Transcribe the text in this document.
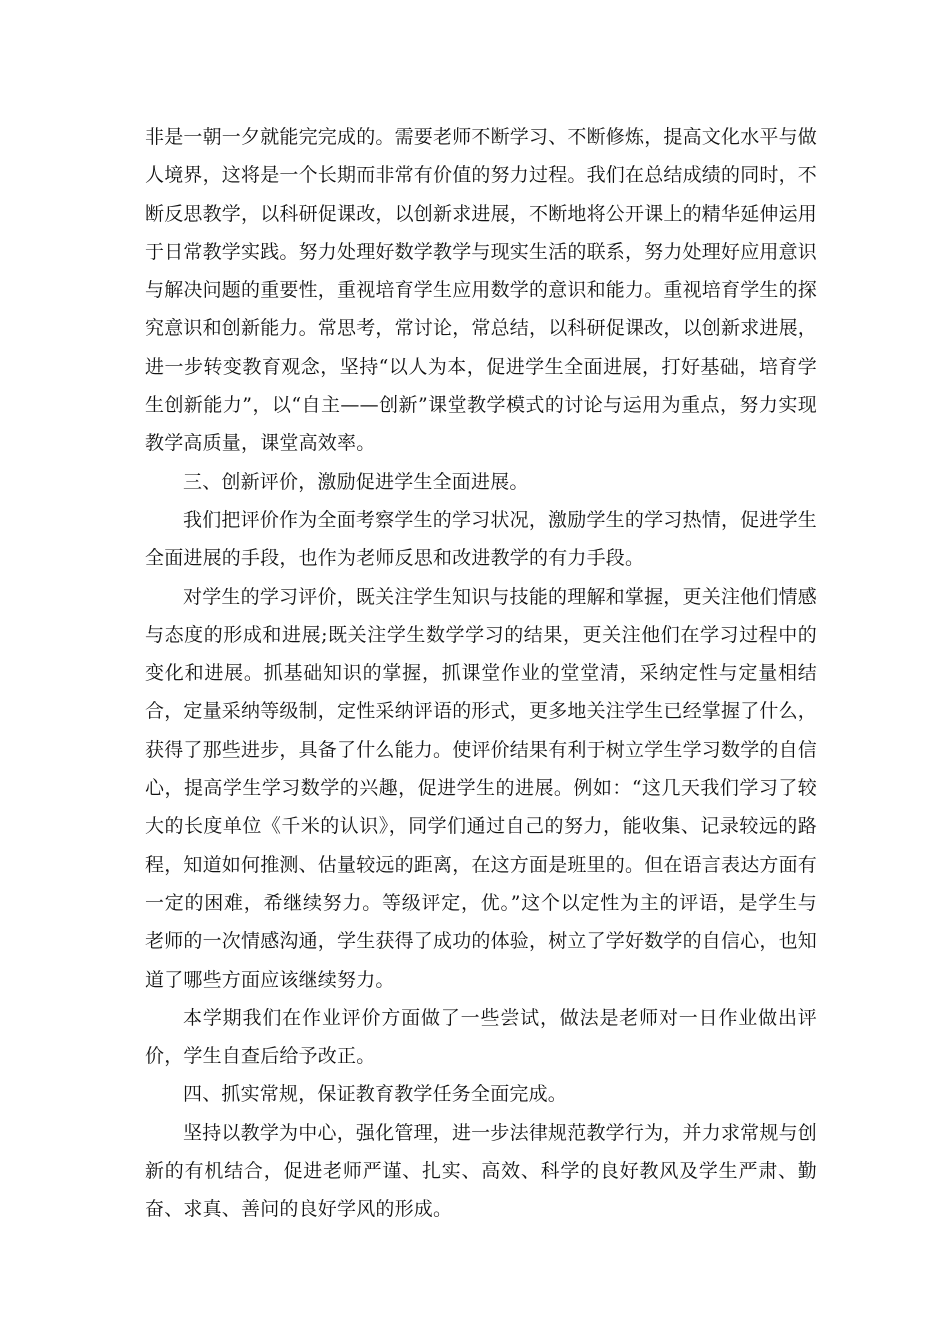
非是一朝一夕就能完完成的。需要老师不断学习、不断修炼，提高文化水平与做人境界，这将是一个长期而非常有价值的努力过程。我们在总结成绩的同时，不断反思教学，以科研促课改，以创新求进展，不断地将公开课上的精华延伸运用于日常教学实践。努力处理好数学教学与现实生活的联系，努力处理好应用意识与解决问题的重要性，重视培育学生应用数学的意识和能力。重视培育学生的探究意识和创新能力。常思考，常讨论，常总结，以科研促课改，以创新求进展，进一步转变教育观念，坚持“以人为本，促进学生全面进展，打好基础，培育学生创新能力”，以“自主——创新”课堂教学模式的讨论与运用为重点，努力实现教学高质量，课堂高效率。

三、创新评价，激励促进学生全面进展。

我们把评价作为全面考察学生的学习状况，激励学生的学习热情，促进学生全面进展的手段，也作为老师反思和改进教学的有力手段。

对学生的学习评价，既关注学生知识与技能的理解和掌握，更关注他们情感与态度的形成和进展;既关注学生数学学习的结果，更关注他们在学习过程中的变化和进展。抓基础知识的掌握，抓课堂作业的堂堂清，采纳定性与定量相结合，定量采纳等级制，定性采纳评语的形式，更多地关注学生已经掌握了什么，获得了那些进步，具备了什么能力。使评价结果有利于树立学生学习数学的自信心，提高学生学习数学的兴趣，促进学生的进展。例如：“这几天我们学习了较大的长度单位《千米的认识》，同学们通过自己的努力，能收集、记录较远的路程，知道如何推测、估量较远的距离，在这方面是班里的。但在语言表达方面有一定的困难，希继续努力。等级评定，优。”这个以定性为主的评语，是学生与老师的一次情感沟通，学生获得了成功的体验，树立了学好数学的自信心，也知道了哪些方面应该继续努力。

本学期我们在作业评价方面做了一些尝试，做法是老师对一日作业做出评价，学生自查后给予改正。

四、抓实常规，保证教育教学任务全面完成。

坚持以教学为中心，强化管理，进一步法律规范教学行为，并力求常规与创新的有机结合，促进老师严谨、扎实、高效、科学的良好教风及学生严肃、勤奋、求真、善问的良好学风的形成。
